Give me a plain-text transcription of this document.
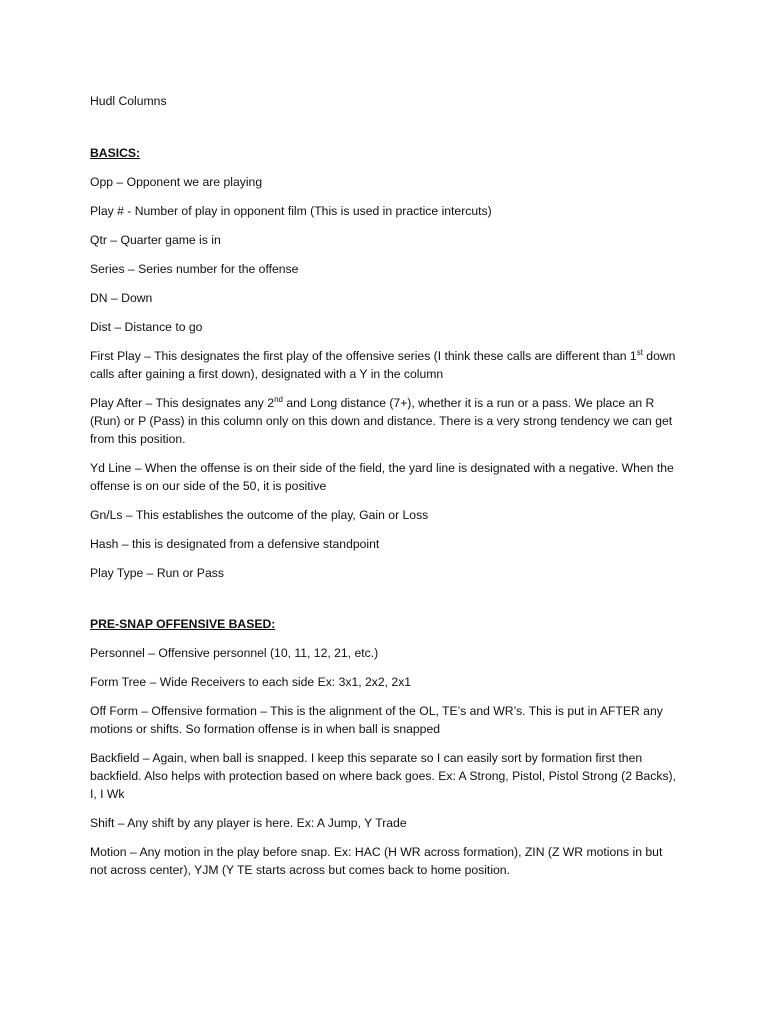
Hudl Columns
BASICS:
Opp – Opponent we are playing
Play # - Number of play in opponent film (This is used in practice intercuts)
Qtr – Quarter game is in
Series – Series number for the offense
DN – Down
Dist – Distance to go
First Play – This designates the first play of the offensive series (I think these calls are different than 1st down calls after gaining a first down), designated with a Y in the column
Play After – This designates any 2nd and Long distance (7+), whether it is a run or a pass. We place an R (Run) or P (Pass) in this column only on this down and distance. There is a very strong tendency we can get from this position.
Yd Line – When the offense is on their side of the field, the yard line is designated with a negative. When the offense is on our side of the 50, it is positive
Gn/Ls – This establishes the outcome of the play, Gain or Loss
Hash – this is designated from a defensive standpoint
Play Type – Run or Pass
PRE-SNAP OFFENSIVE BASED:
Personnel – Offensive personnel (10, 11, 12, 21, etc.)
Form Tree – Wide Receivers to each side Ex: 3x1, 2x2, 2x1
Off Form – Offensive formation – This is the alignment of the OL, TE’s and WR’s. This is put in AFTER any motions or shifts. So formation offense is in when ball is snapped
Backfield – Again, when ball is snapped. I keep this separate so I can easily sort by formation first then backfield. Also helps with protection based on where back goes. Ex: A Strong, Pistol, Pistol Strong (2 Backs), I, I Wk
Shift – Any shift by any player is here. Ex: A Jump, Y Trade
Motion – Any motion in the play before snap. Ex: HAC (H WR across formation), ZIN (Z WR motions in but not across center), YJM (Y TE starts across but comes back to home position.
